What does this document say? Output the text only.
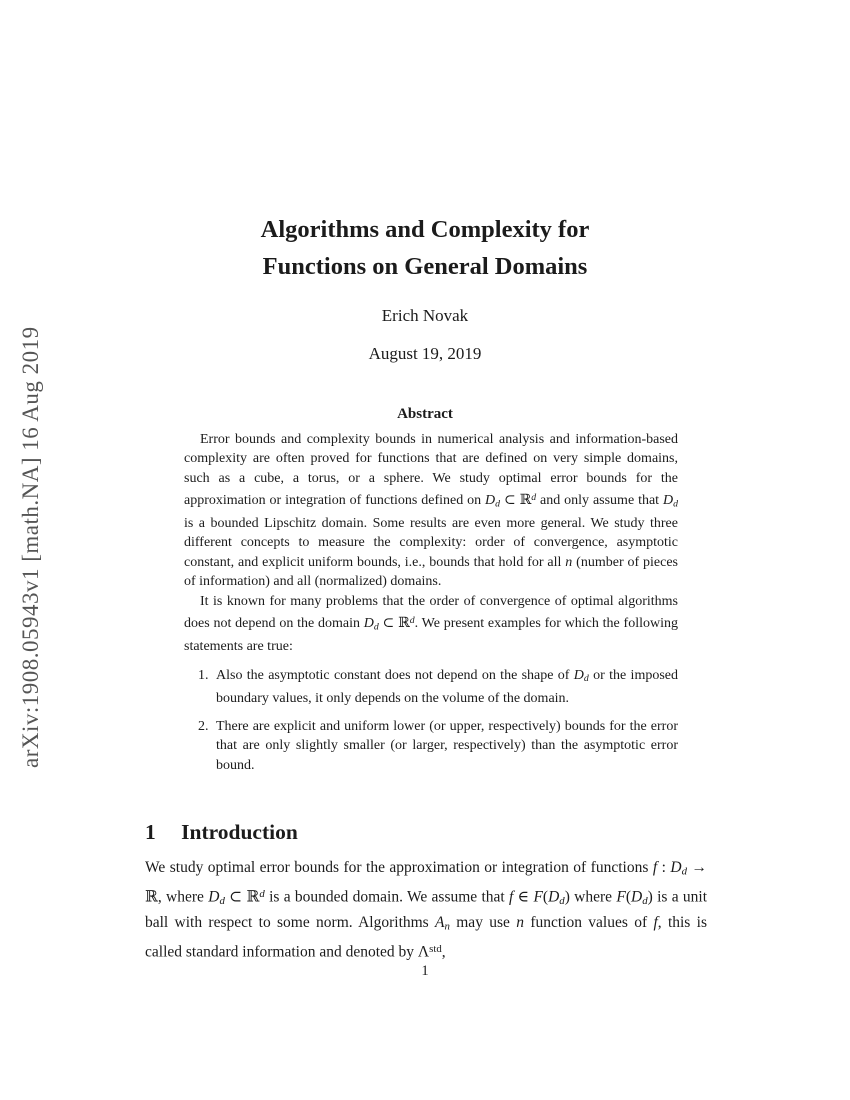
arXiv:1908.05943v1 [math.NA] 16 Aug 2019
Algorithms and Complexity for
Functions on General Domains
Erich Novak
August 19, 2019
Abstract

Error bounds and complexity bounds in numerical analysis and information-based complexity are often proved for functions that are defined on very simple domains, such as a cube, a torus, or a sphere. We study optimal error bounds for the approximation or integration of functions defined on Dd ⊂ ℝ$^d$ and only assume that Dd is a bounded Lipschitz domain. Some results are even more general. We study three different concepts to measure the complexity: order of convergence, asymptotic constant, and explicit uniform bounds, i.e., bounds that hold for all n (number of pieces of information) and all (normalized) domains.

It is known for many problems that the order of convergence of optimal algorithms does not depend on the domain Dd ⊂ ℝ$^d$. We present examples for which the following statements are true:

1. Also the asymptotic constant does not depend on the shape of Dd or the imposed boundary values, it only depends on the volume of the domain.

2. There are explicit and uniform lower (or upper, respectively) bounds for the error that are only slightly smaller (or larger, respectively) than the asymptotic error bound.

1 Introduction

We study optimal error bounds for the approximation or integration of functions f : Dd → ℝ, where Dd ⊂ ℝ$^d$ is a bounded domain. We assume that f ∈ F(Dd) where F(Dd) is a unit ball with respect to some norm. Algorithms An may use n function values of f, this is called standard information and denoted by $\Lambda^{std}$,

1
